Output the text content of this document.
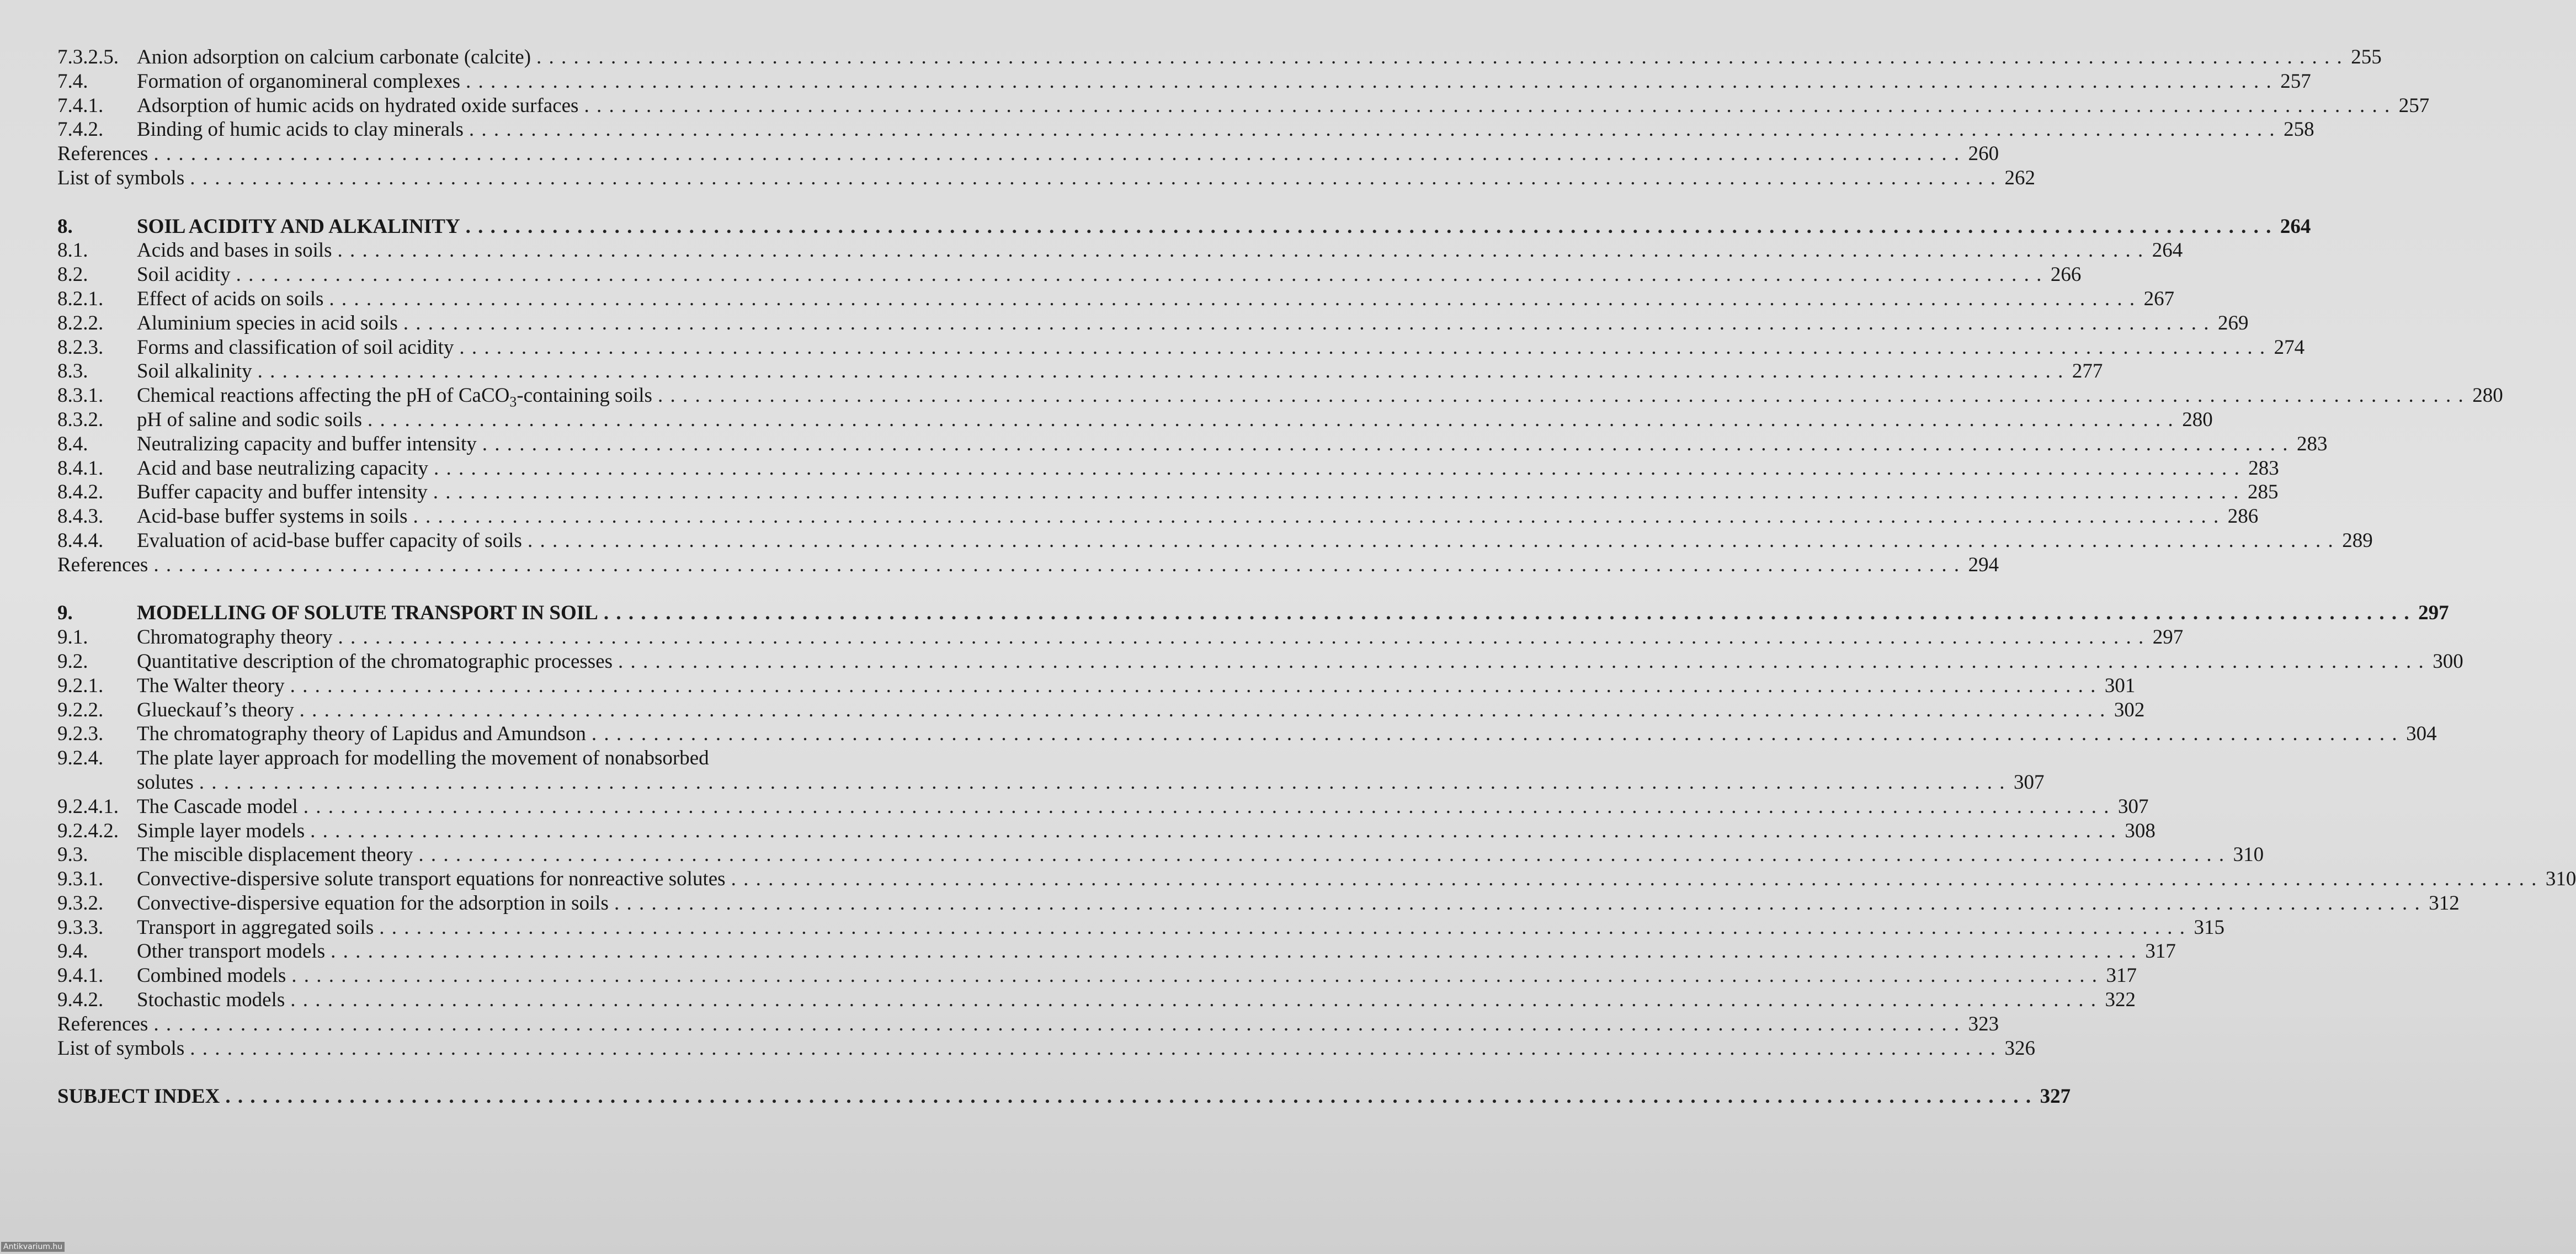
7.3.2.5. Anion adsorption on calcium carbonate (calcite) . . .	255
7.4.	Formation of organomineral complexes . . .	257
7.4.1.	Adsorption of humic acids on hydrated oxide surfaces . . .	257
7.4.2.	Binding of humic acids to clay minerals . . .	258
References . . .	260
List of symbols . . .	262
8.	SOIL ACIDITY AND ALKALINITY . . .	264
8.1.	Acids and bases in soils . . .	264
8.2.	Soil acidity . . .	266
8.2.1.	Effect of acids on soils . . .	267
8.2.2.	Aluminium species in acid soils . . .	269
8.2.3.	Forms and classification of soil acidity . . .	274
8.3.	Soil alkalinity . . .	277
8.3.1.	Chemical reactions affecting the pH of CaCO$_3$-containing soils . . .	280
8.3.2.	pH of saline and sodic soils . . .	280
8.4.	Neutralizing capacity and buffer intensity . . .	283
8.4.1.	Acid and base neutralizing capacity . . .	283
8.4.2.	Buffer capacity and buffer intensity . . .	285
8.4.3.	Acid-base buffer systems in soils . . .	286
8.4.4.	Evaluation of acid-base buffer capacity of soils . . .	289
References . . .	294
9.	MODELLING OF SOLUTE TRANSPORT IN SOIL . . .	297
9.1.	Chromatography theory . . .	297
9.2.	Quantitative description of the chromatographic processes . . .	300
9.2.1.	The Walter theory . . .	301
9.2.2.	Glueckauf’s theory . . .	302
9.2.3.	The chromatography theory of Lapidus and Amundson . . .	304
9.2.4.	The plate layer approach for modelling the movement of nonabsorbed
solutes . . .	307
9.2.4.1. The Cascade model . . .	307
9.2.4.2. Simple layer models . . .	308
9.3.	The miscible displacement theory . . .	310
9.3.1.	Convective-dispersive solute transport equations for nonreactive solutes . . .	310
9.3.2.	Convective-dispersive equation for the adsorption in soils . . .	312
9.3.3.	Transport in aggregated soils . . .	315
9.4.	Other transport models . . .	317
9.4.1.	Combined models . . .	317
9.4.2.	Stochastic models . . .	322
References . . .	323
List of symbols . . .	326
SUBJECT INDEX . . .	327
Antikvarium.hu
